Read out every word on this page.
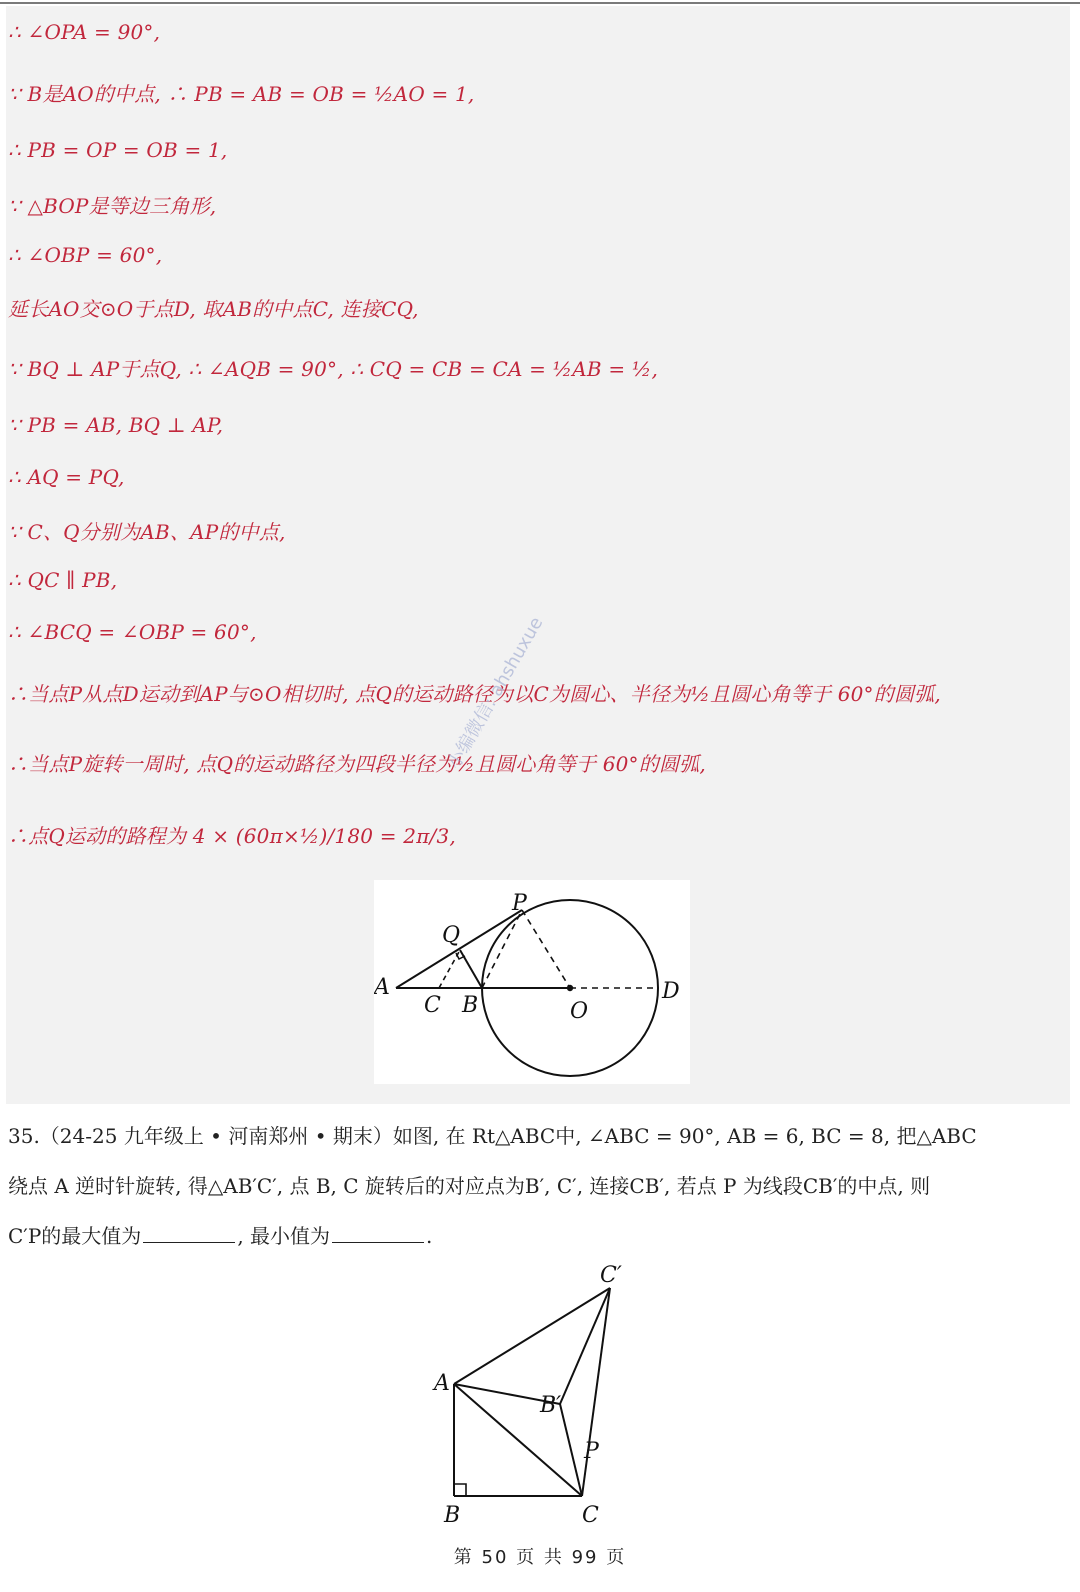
∴ ∠OPA = 90°,
∵ B是AO的中点, ∴ PB = AB = OB = ½AO = 1,
∴ PB = OP = OB = 1,
∵ △BOP是等边三角形,
∴ ∠OBP = 60°,
延长AO交⊙O于点D, 取AB的中点C, 连接CQ,
∵ BQ ⊥ AP于点Q, ∴ ∠AQB = 90°, ∴ CQ = CB = CA = ½AB = ½,
∵ PB = AB, BQ ⊥ AP,
∴ AQ = PQ,
∵ C、Q分别为AB、AP的中点,
∴ QC ∥ PB,
∴ ∠BCQ = ∠OBP = 60°,
∴当点P从点D运动到AP与⊙O相切时, 点Q的运动路径为以C为圆心、半径为½且圆心角等于 60°的圆弧,
∴当点P旋转一周时, 点Q的运动路径为四段半径为½且圆心角等于 60°的圆弧,
∴点Q运动的路程为 4 × (60π×½)/180 = 2π/3,
小编微信: ahshuxue
P
Q
A
C B	O
D
35.（24-25 九年级上 • 河南郑州 • 期末）如图, 在 Rt△ABC中, ∠ABC = 90°, AB = 6, BC = 8, 把△ABC
绕点 A 逆时针旋转, 得△AB′C′, 点 B, C 旋转后的对应点为B′, C′, 连接CB′, 若点 P 为线段CB′的中点, 则
C′P的最大值为	, 最小值为	.
C′
A
B′
P
B	C
第 50 页 共 99 页
